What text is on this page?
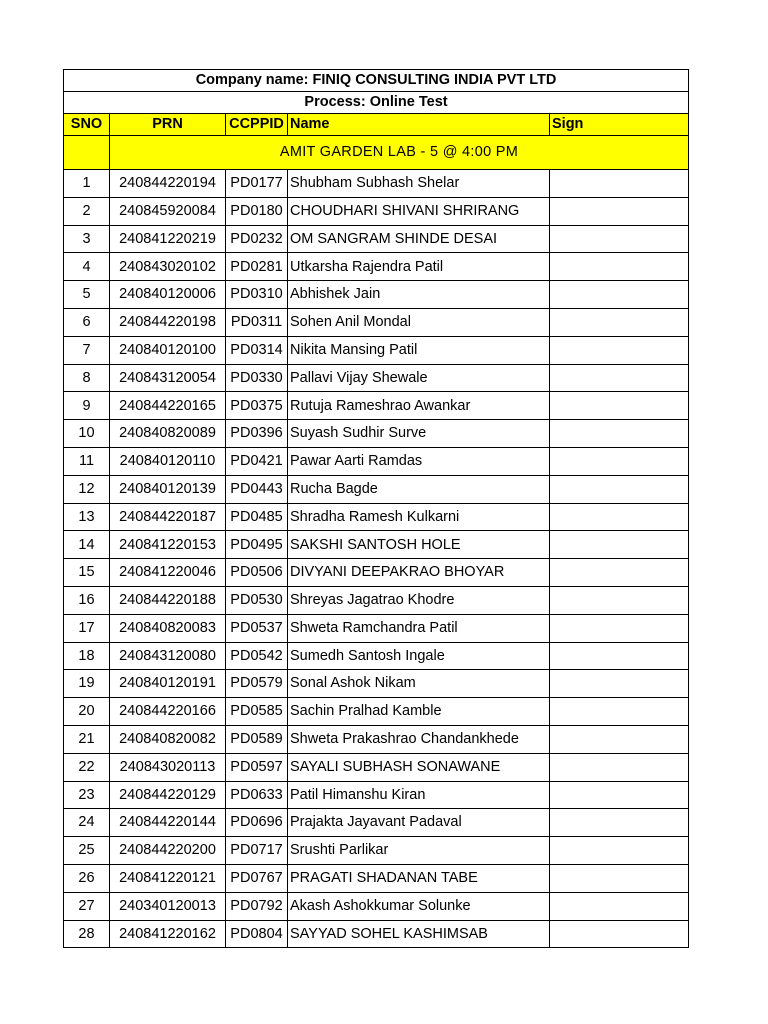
Company name: FINIQ CONSULTING INDIA PVT LTD				
Process: Online Test				
SNO	PRN	CCPPID	Name	Sign
	AMIT GARDEN LAB - 5 @ 4:00 PM			
1	240844220194	PD0177	Shubham Subhash Shelar	
2	240845920084	PD0180	CHOUDHARI SHIVANI SHRIRANG	
3	240841220219	PD0232	OM SANGRAM SHINDE DESAI	
4	240843020102	PD0281	Utkarsha Rajendra Patil	
5	240840120006	PD0310	Abhishek Jain	
6	240844220198	PD0311	Sohen Anil Mondal	
7	240840120100	PD0314	Nikita Mansing Patil	
8	240843120054	PD0330	Pallavi Vijay Shewale	
9	240844220165	PD0375	Rutuja Rameshrao Awankar	
10	240840820089	PD0396	Suyash Sudhir Surve	
11	240840120110	PD0421	Pawar Aarti Ramdas	
12	240840120139	PD0443	Rucha Bagde	
13	240844220187	PD0485	Shradha Ramesh Kulkarni	
14	240841220153	PD0495	SAKSHI SANTOSH HOLE	
15	240841220046	PD0506	DIVYANI DEEPAKRAO BHOYAR	
16	240844220188	PD0530	Shreyas Jagatrao Khodre	
17	240840820083	PD0537	Shweta Ramchandra Patil	
18	240843120080	PD0542	Sumedh Santosh Ingale	
19	240840120191	PD0579	Sonal Ashok Nikam	
20	240844220166	PD0585	Sachin Pralhad Kamble	
21	240840820082	PD0589	Shweta Prakashrao Chandankhede	
22	240843020113	PD0597	SAYALI SUBHASH SONAWANE	
23	240844220129	PD0633	Patil Himanshu Kiran	
24	240844220144	PD0696	Prajakta Jayavant Padaval	
25	240844220200	PD0717	Srushti Parlikar	
26	240841220121	PD0767	PRAGATI SHADANAN TABE	
27	240340120013	PD0792	Akash Ashokkumar Solunke	
28	240841220162	PD0804	SAYYAD SOHEL KASHIMSAB	
